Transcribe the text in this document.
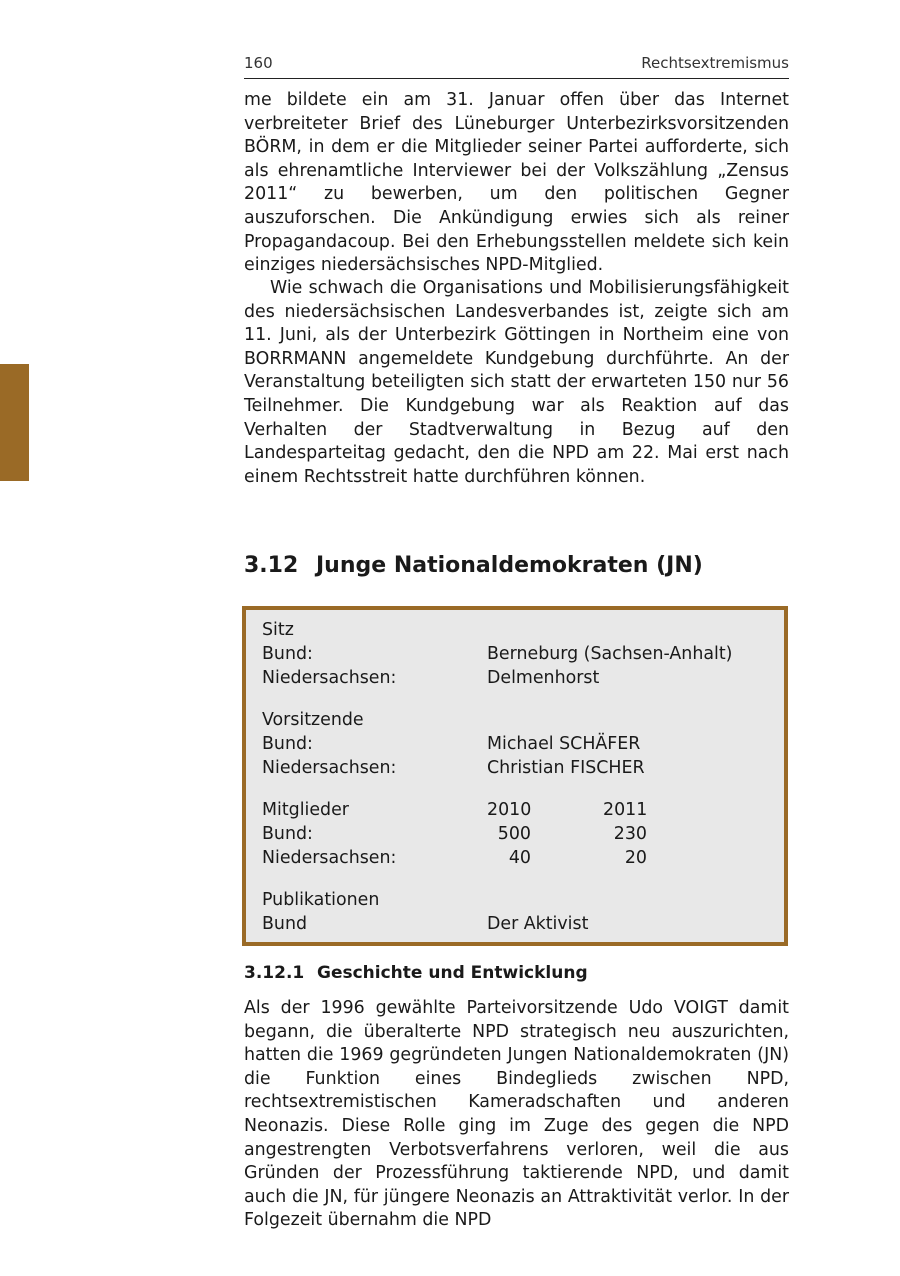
160	Rechtsextremismus

me bildete ein am 31. Januar offen über das Internet verbreiteter Brief des Lüneburger Unterbezirksvorsitzenden BÖRM, in dem er die Mitglieder seiner Partei aufforderte, sich als ehrenamtliche Interviewer bei der Volkszählung „Zensus 2011“ zu bewerben, um den politischen Gegner auszuforschen. Die Ankündigung erwies sich als reiner Propagandacoup. Bei den Erhebungsstellen meldete sich kein einziges niedersächsisches NPD-Mitglied.

Wie schwach die Organisations und Mobilisierungsfähigkeit des niedersächsischen Landesverbandes ist, zeigte sich am 11. Juni, als der Unterbezirk Göttingen in Northeim eine von BORRMANN angemeldete Kundgebung durchführte. An der Veranstaltung beteiligten sich statt der erwarteten 150 nur 56 Teilnehmer. Die Kundgebung war als Reaktion auf das Verhalten der Stadtverwaltung in Bezug auf den Landesparteitag gedacht, den die NPD am 22. Mai erst nach einem Rechtsstreit hatte durchführen können.

3.12 Junge Nationaldemokraten (JN)
Sitz
Bund:	Berneburg (Sachsen-Anhalt)
Niedersachsen:	Delmenhorst
Vorsitzende
Bund:	Michael SCHÄFER
Niedersachsen:	Christian FISCHER
Mitglieder	2010	2011
Bund:	500	230
Niedersachsen:	40	20
Publikationen
Bund	Der Aktivist
3.12.1 Geschichte und Entwicklung

Als der 1996 gewählte Parteivorsitzende Udo VOIGT damit begann, die überalterte NPD strategisch neu auszurichten, hatten die 1969 gegründeten Jungen Nationaldemokraten (JN) die Funktion eines Bindeglieds zwischen NPD, rechtsextremistischen Kameradschaften und anderen Neonazis. Diese Rolle ging im Zuge des gegen die NPD angestrengten Verbotsverfahrens verloren, weil die aus Gründen der Prozessführung taktierende NPD, und damit auch die JN, für jüngere Neonazis an Attraktivität verlor. In der Folgezeit übernahm die NPD
